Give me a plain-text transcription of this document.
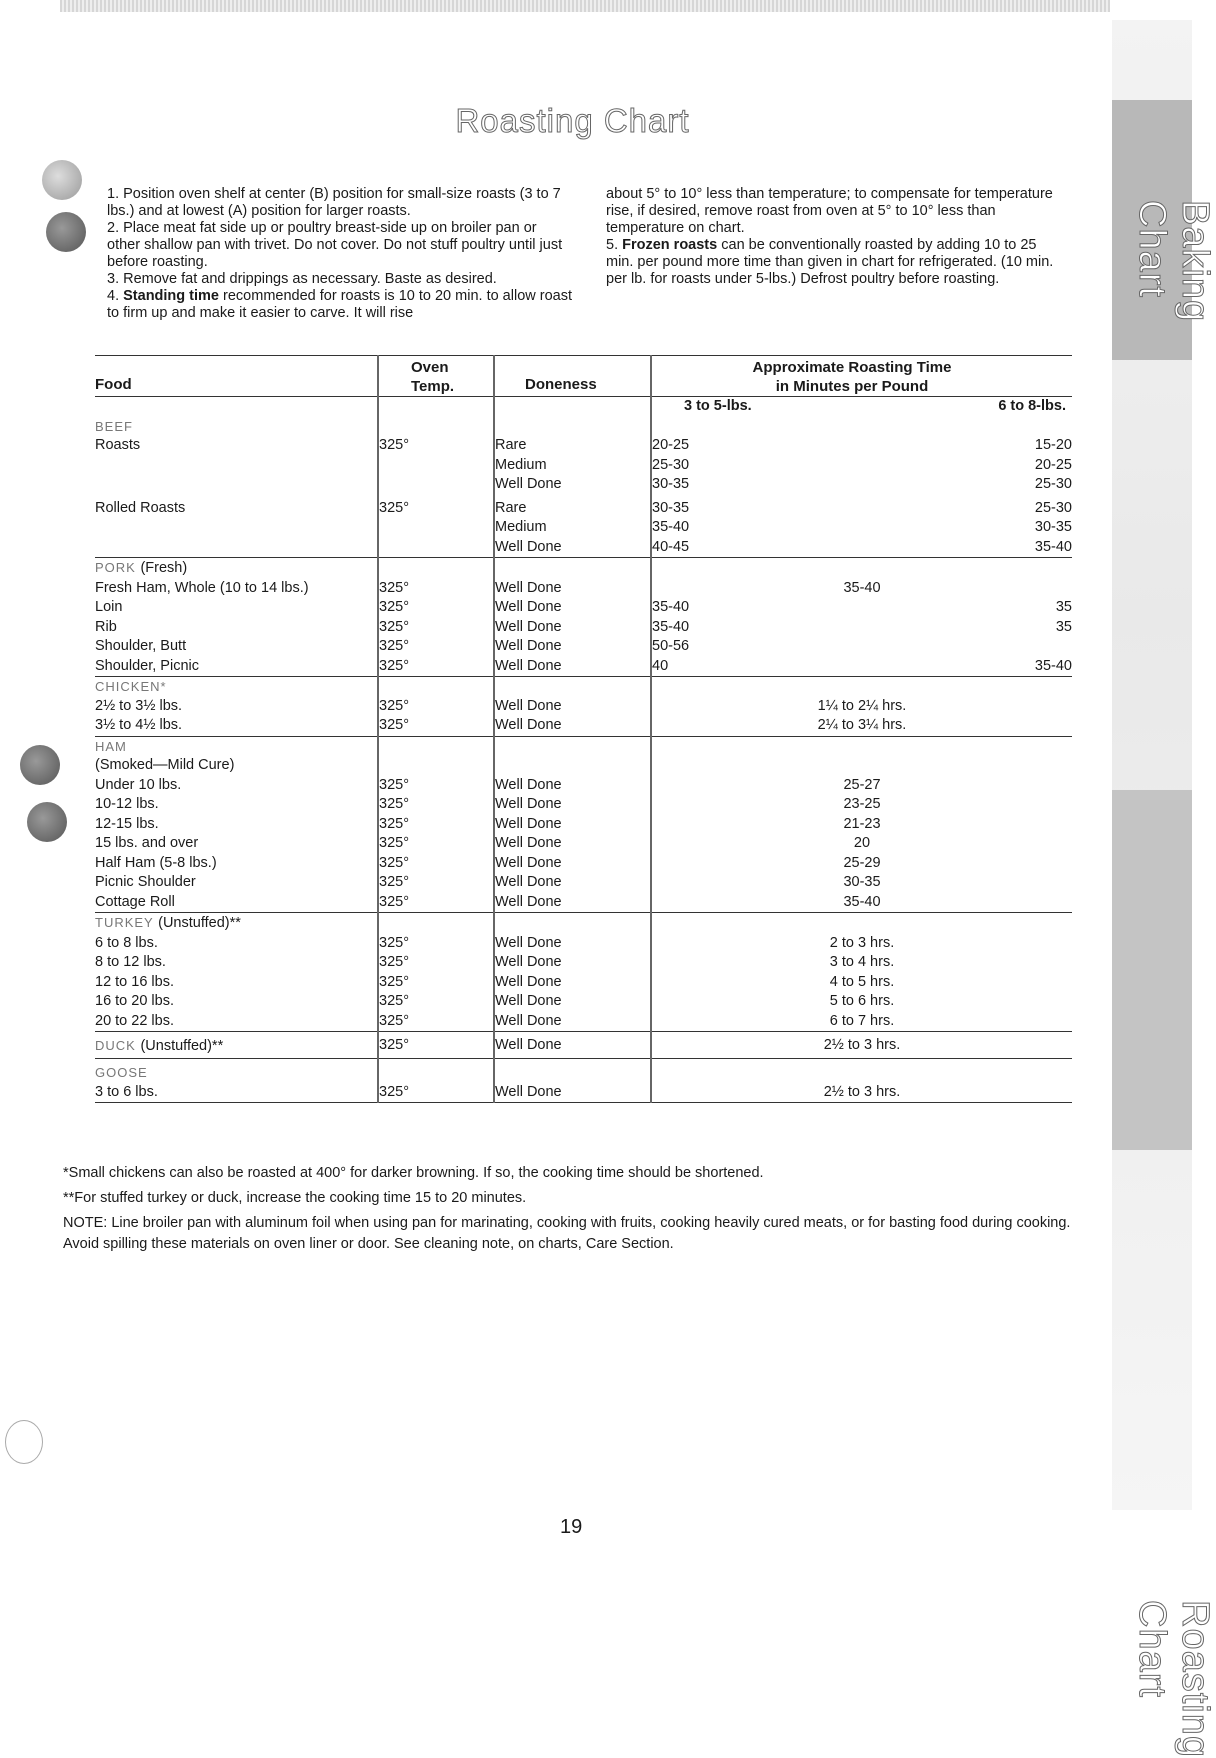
Baking Chart
Roasting Chart
Roasting Chart

1. Position oven shelf at center (B) position for small-size roasts (3 to 7 lbs.) and at lowest (A) position for larger roasts.

2. Place meat fat side up or poultry breast-side up on broiler pan or other shallow pan with trivet. Do not cover. Do not stuff poultry until just before roasting.

3. Remove fat and drippings as necessary. Baste as desired.

4. Standing time recommended for roasts is 10 to 20 min. to allow roast to firm up and make it easier to carve. It will rise

about 5° to 10° less than temperature; to compensate for temperature rise, if desired, remove roast from oven at 5° to 10° less than temperature on chart.

5. Frozen roasts can be conventionally roasted by adding 10 to 25 min. per pound more time than given in chart for refrigerated. (10 min. per lb. for roasts under 5-lbs.) Defrost poultry before roasting.

Food	Oven
Temp.	Doneness	Approximate Roasting Time
in Minutes per Pound	
			3 to 5-lbs.	6 to 8-lbs.
BEEF				
Roasts	325°	Rare	20-25	15-20
		Medium	25-30	20-25
		Well Done	30-35	25-30

Rolled Roasts	325°	Rare	30-35	25-30
		Medium	35-40	30-35
		Well Done	40-45	35-40
PORK (Fresh)				
Fresh Ham, Whole (10 to 14 lbs.)	325°	Well Done	35-40	
Loin	325°	Well Done	35-40	35
Rib	325°	Well Done	35-40	35
Shoulder, Butt	325°	Well Done	50-56	
Shoulder, Picnic	325°	Well Done	40	35-40
CHICKEN*				
2½ to 3½ lbs.	325°	Well Done	1¼ to 2¼ hrs.	
3½ to 4½ lbs.	325°	Well Done	2¼ to 3¼ hrs.	
HAM				
(Smoked—Mild Cure)				
Under 10 lbs.	325°	Well Done	25-27	
10-12 lbs.	325°	Well Done	23-25	
12-15 lbs.	325°	Well Done	21-23	
15 lbs. and over	325°	Well Done	20	
Half Ham (5-8 lbs.)	325°	Well Done	25-29	
Picnic Shoulder	325°	Well Done	30-35	
Cottage Roll	325°	Well Done	35-40	
TURKEY (Unstuffed)**				
6 to 8 lbs.	325°	Well Done	2 to 3 hrs.	
8 to 12 lbs.	325°	Well Done	3 to 4 hrs.	
12 to 16 lbs.	325°	Well Done	4 to 5 hrs.	
16 to 20 lbs.	325°	Well Done	5 to 6 hrs.	
20 to 22 lbs.	325°	Well Done	6 to 7 hrs.	
DUCK (Unstuffed)**	325°	Well Done	2½ to 3 hrs.	
GOOSE				
3 to 6 lbs.	325°	Well Done	2½ to 3 hrs.	
*Small chickens can also be roasted at 400° for darker browning. If so, the cooking time should be shortened.
**For stuffed turkey or duck, increase the cooking time 15 to 20 minutes.
NOTE: Line broiler pan with aluminum foil when using pan for marinating, cooking with fruits, cooking heavily cured meats, or for basting food during cooking. Avoid spilling these materials on oven liner or door. See cleaning note, on charts, Care Section.
19
